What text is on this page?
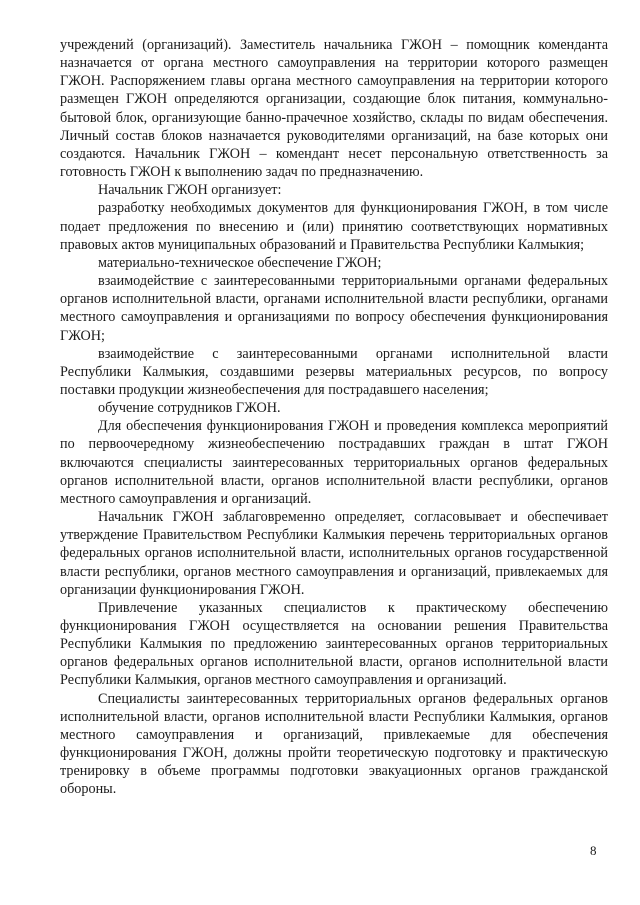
учреждений (организаций). Заместитель начальника ГЖОН – помощник коменданта назначается от органа местного самоуправления на территории которого размещен ГЖОН. Распоряжением главы органа местного самоуправления на территории которого размещен ГЖОН определяются организации, создающие блок питания, коммунально-бытовой блок, организующие банно-прачечное хозяйство, склады по видам обеспечения. Личный состав блоков назначается руководителями организаций, на базе которых они создаются. Начальник ГЖОН – комендант несет персональную ответственность за готовность ГЖОН к выполнению задач по предназначению.

Начальник ГЖОН организует:

разработку необходимых документов для функционирования ГЖОН, в том числе подает предложения по внесению и (или) принятию соответствующих нормативных правовых актов муниципальных образований и Правительства Республики Калмыкия;

материально-техническое обеспечение ГЖОН;

взаимодействие с заинтересованными территориальными органами федеральных органов исполнительной власти, органами исполнительной власти республики, органами местного самоуправления и организациями по вопросу обеспечения функционирования ГЖОН;

взаимодействие с заинтересованными органами исполнительной власти Республики Калмыкия, создавшими резервы материальных ресурсов, по вопросу поставки продукции жизнеобеспечения для пострадавшего населения;

обучение сотрудников ГЖОН.

Для обеспечения функционирования ГЖОН и проведения комплекса мероприятий по первоочередному жизнеобеспечению пострадавших граждан в штат ГЖОН включаются специалисты заинтересованных территориальных органов федеральных органов исполнительной власти, органов исполнительной власти республики, органов местного самоуправления и организаций.

Начальник ГЖОН заблаговременно определяет, согласовывает и обеспечивает утверждение Правительством Республики Калмыкия перечень территориальных органов федеральных органов исполнительной власти, исполнительных органов государственной власти республики, органов местного самоуправления и организаций, привлекаемых для организации функционирования ГЖОН.

Привлечение указанных специалистов к практическому обеспечению функционирования ГЖОН осуществляется на основании решения Правительства Республики Калмыкия по предложению заинтересованных органов территориальных органов федеральных органов исполнительной власти, органов исполнительной власти Республики Калмыкия, органов местного самоуправления и организаций.

Специалисты заинтересованных территориальных органов федеральных органов исполнительной власти, органов исполнительной власти Республики Калмыкия, органов местного самоуправления и организаций, привлекаемые для обеспечения функционирования ГЖОН, должны пройти теоретическую подготовку и практическую тренировку в объеме программы подготовки эвакуационных органов гражданской обороны.

8
